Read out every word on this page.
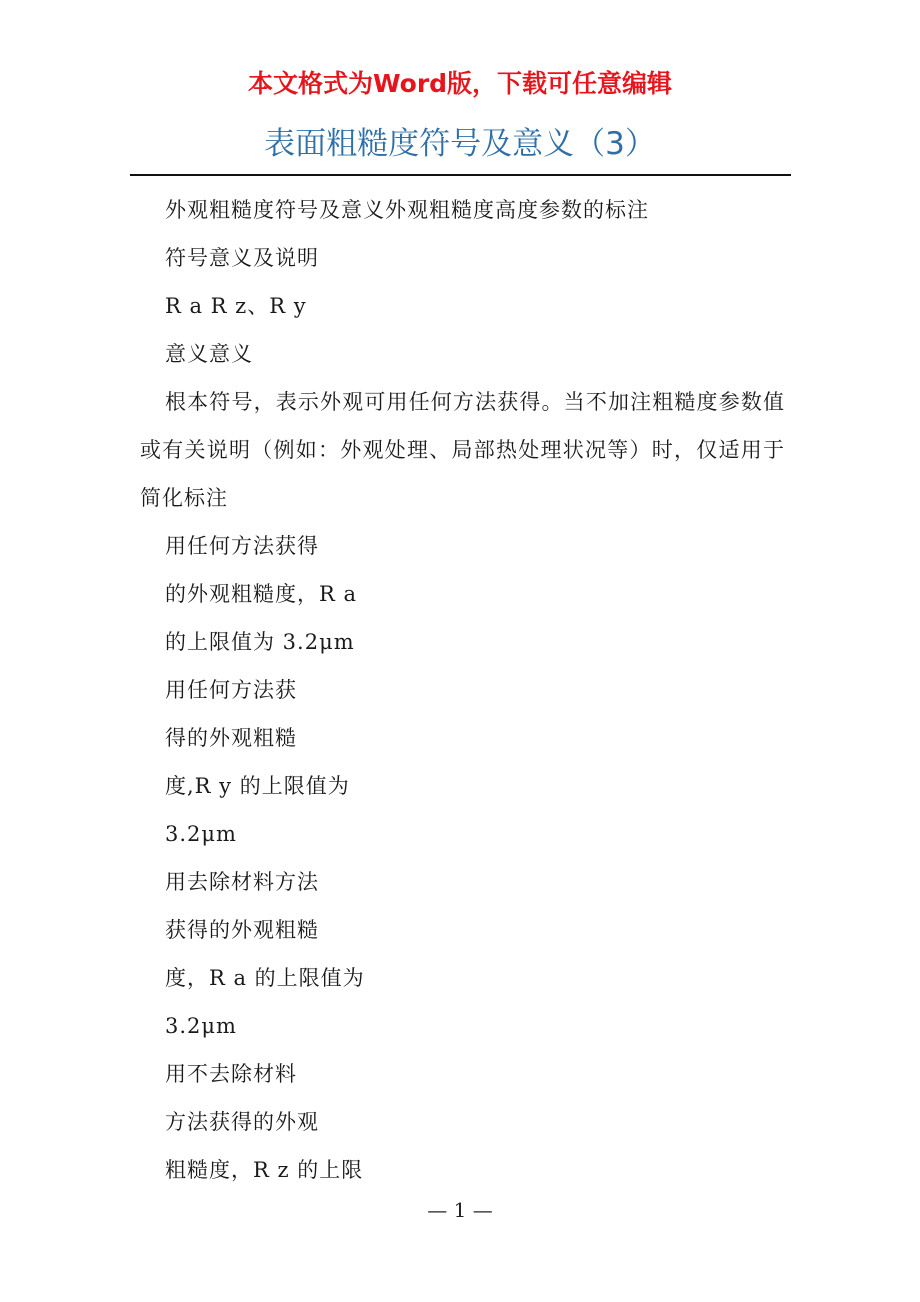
本文格式为Word版，下载可任意编辑
表面粗糙度符号及意义（3）

外观粗糙度符号及意义外观粗糙度高度参数的标注

符号意义及说明

R a R z、R y

意义意义

根本符号，表示外观可用任何方法获得。当不加注粗糙度参数值或有关说明（例如：外观处理、局部热处理状况等）时，仅适用于简化标注

用任何方法获得

的外观粗糙度，R a

的上限值为 3.2μm

用任何方法获

得的外观粗糙

度,R y 的上限值为

3.2μm

用去除材料方法

获得的外观粗糙

度，R a 的上限值为

3.2μm

用不去除材料

方法获得的外观

粗糙度，R z 的上限

— 1 —
